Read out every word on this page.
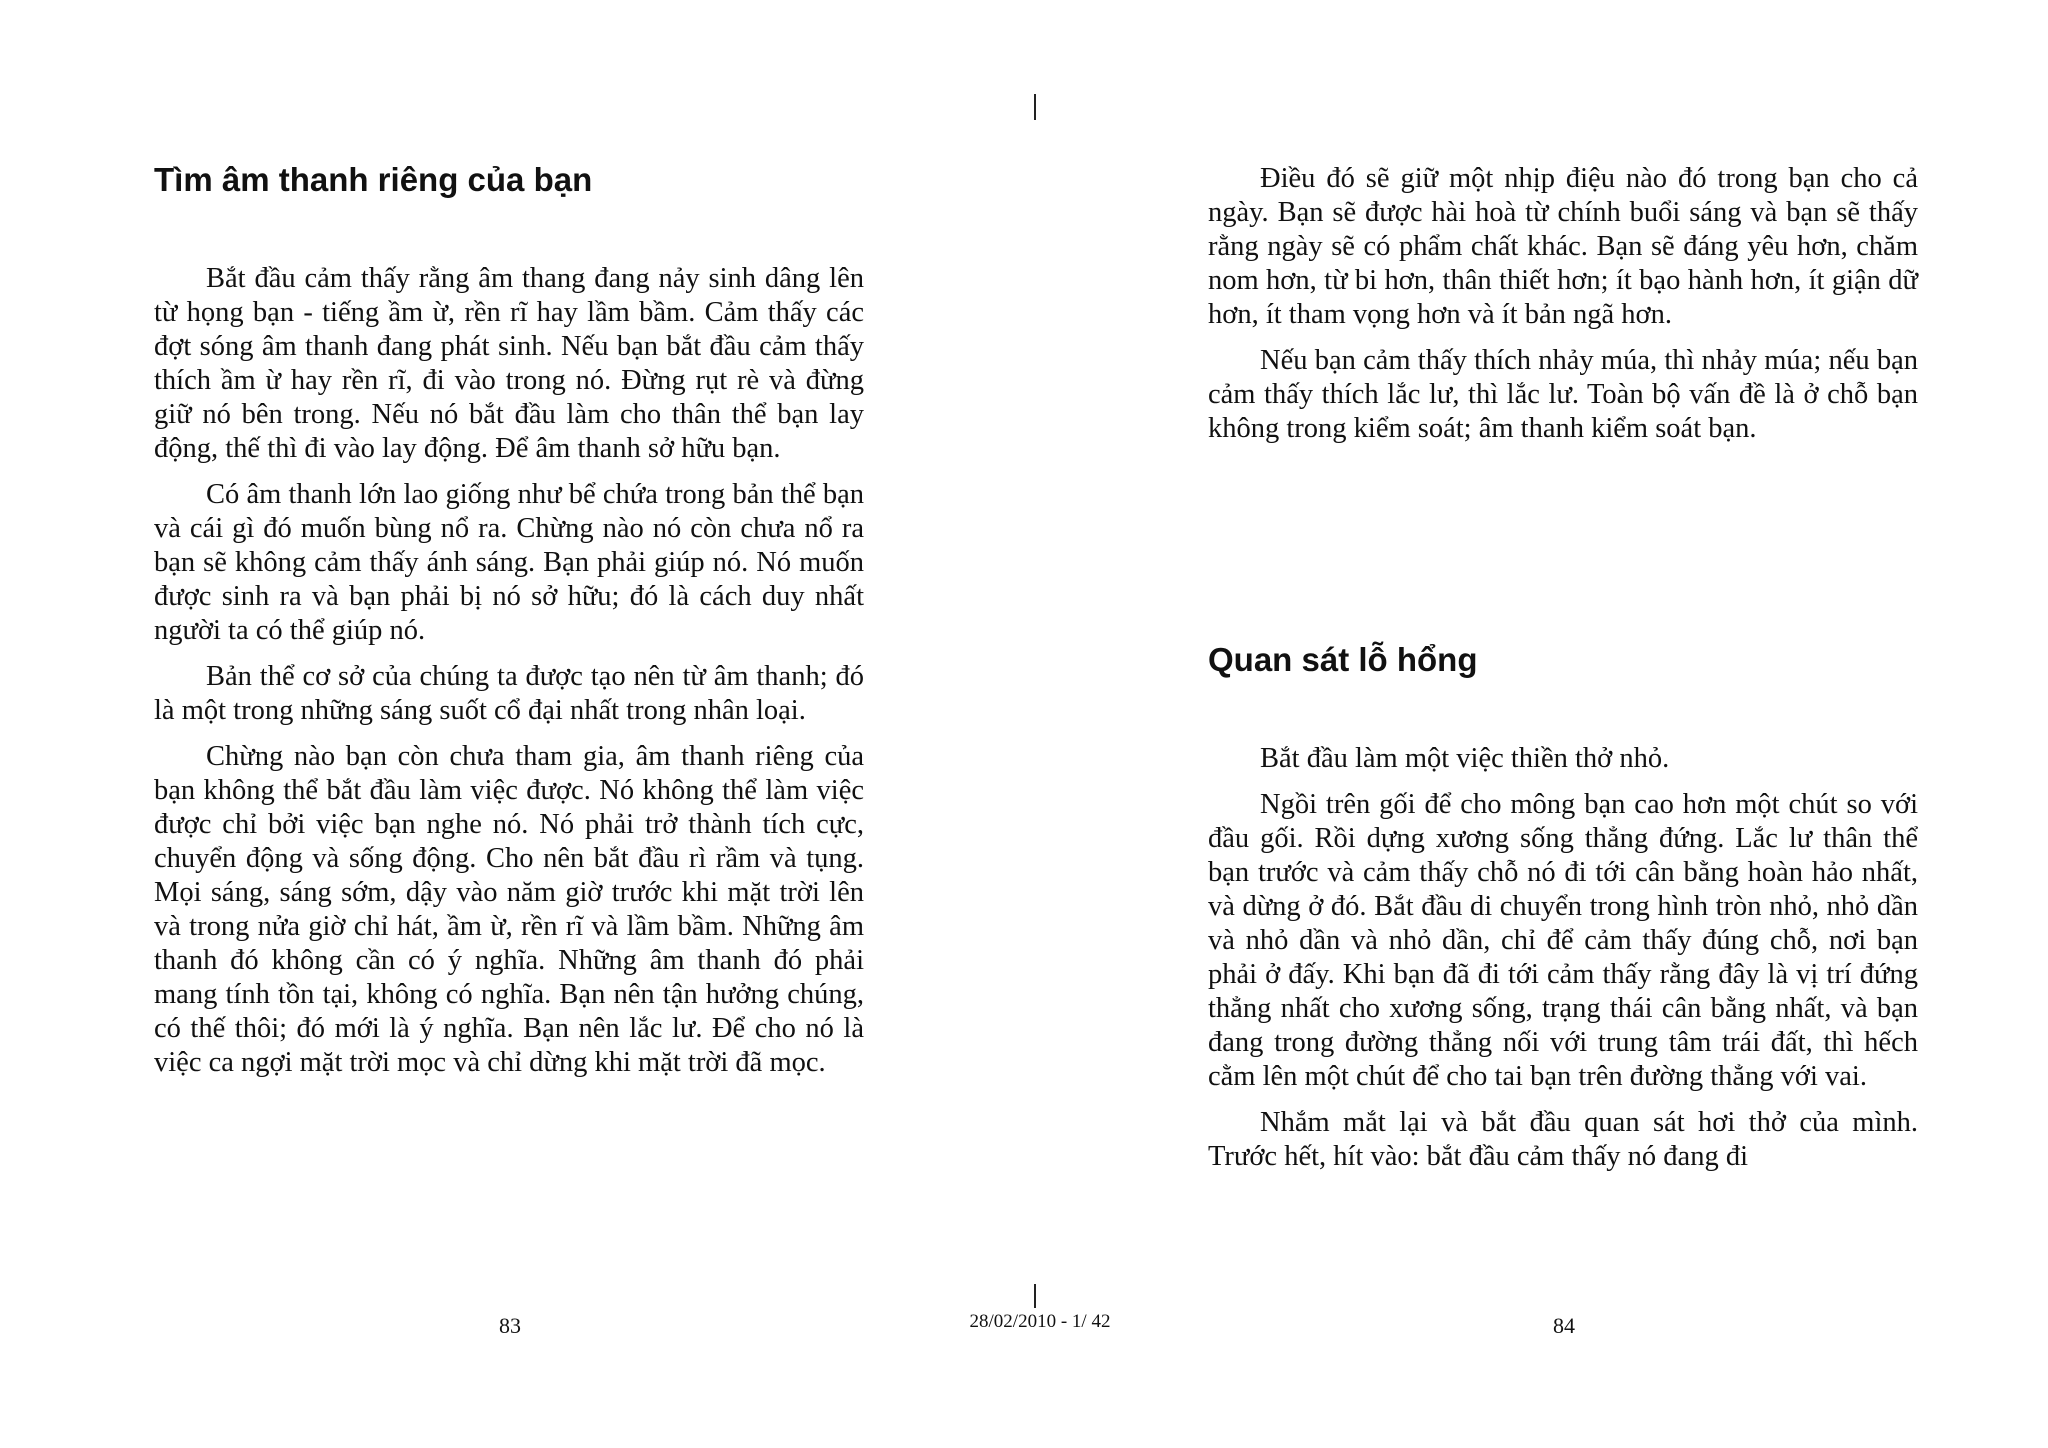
Tìm âm thanh riêng của bạn

Bắt đầu cảm thấy rằng âm thang đang nảy sinh dâng lên từ họng bạn - tiếng ầm ừ, rền rĩ hay lầm bầm. Cảm thấy các đợt sóng âm thanh đang phát sinh. Nếu bạn bắt đầu cảm thấy thích ầm ừ hay rền rĩ, đi vào trong nó. Đừng rụt rè và đừng giữ nó bên trong. Nếu nó bắt đầu làm cho thân thể bạn lay động, thế thì đi vào lay động. Để âm thanh sở hữu bạn.

Có âm thanh lớn lao giống như bể chứa trong bản thể bạn và cái gì đó muốn bùng nổ ra. Chừng nào nó còn chưa nổ ra bạn sẽ không cảm thấy ánh sáng. Bạn phải giúp nó. Nó muốn được sinh ra và bạn phải bị nó sở hữu; đó là cách duy nhất người ta có thể giúp nó.

Bản thể cơ sở của chúng ta được tạo nên từ âm thanh; đó là một trong những sáng suốt cổ đại nhất trong nhân loại.

Chừng nào bạn còn chưa tham gia, âm thanh riêng của bạn không thể bắt đầu làm việc được. Nó không thể làm việc được chỉ bởi việc bạn nghe nó. Nó phải trở thành tích cực, chuyển động và sống động. Cho nên bắt đầu rì rầm và tụng. Mọi sáng, sáng sớm, dậy vào năm giờ trước khi mặt trời lên và trong nửa giờ chỉ hát, ầm ừ, rền rĩ và lầm bầm. Những âm thanh đó không cần có ý nghĩa. Những âm thanh đó phải mang tính tồn tại, không có nghĩa. Bạn nên tận hưởng chúng, có thế thôi; đó mới là ý nghĩa. Bạn nên lắc lư. Để cho nó là việc ca ngợi mặt trời mọc và chỉ dừng khi mặt trời đã mọc.

Điều đó sẽ giữ một nhịp điệu nào đó trong bạn cho cả ngày. Bạn sẽ được hài hoà từ chính buổi sáng và bạn sẽ thấy rằng ngày sẽ có phẩm chất khác. Bạn sẽ đáng yêu hơn, chăm nom hơn, từ bi hơn, thân thiết hơn; ít bạo hành hơn, ít giận dữ hơn, ít tham vọng hơn và ít bản ngã hơn.

Nếu bạn cảm thấy thích nhảy múa, thì nhảy múa; nếu bạn cảm thấy thích lắc lư, thì lắc lư. Toàn bộ vấn đề là ở chỗ bạn không trong kiểm soát; âm thanh kiểm soát bạn.

Quan sát lỗ hổng

Bắt đầu làm một việc thiền thở nhỏ.

Ngồi trên gối để cho mông bạn cao hơn một chút so với đầu gối. Rồi dựng xương sống thẳng đứng. Lắc lư thân thể bạn trước và cảm thấy chỗ nó đi tới cân bằng hoàn hảo nhất, và dừng ở đó. Bắt đầu di chuyển trong hình tròn nhỏ, nhỏ dần và nhỏ dần và nhỏ dần, chỉ để cảm thấy đúng chỗ, nơi bạn phải ở đấy. Khi bạn đã đi tới cảm thấy rằng đây là vị trí đứng thẳng nhất cho xương sống, trạng thái cân bằng nhất, và bạn đang trong đường thẳng nối với trung tâm trái đất, thì hếch cằm lên một chút để cho tai bạn trên đường thẳng với vai.

Nhắm mắt lại và bắt đầu quan sát hơi thở của mình. Trước hết, hít vào: bắt đầu cảm thấy nó đang đi

83	84
28/02/2010 - 1/ 42
